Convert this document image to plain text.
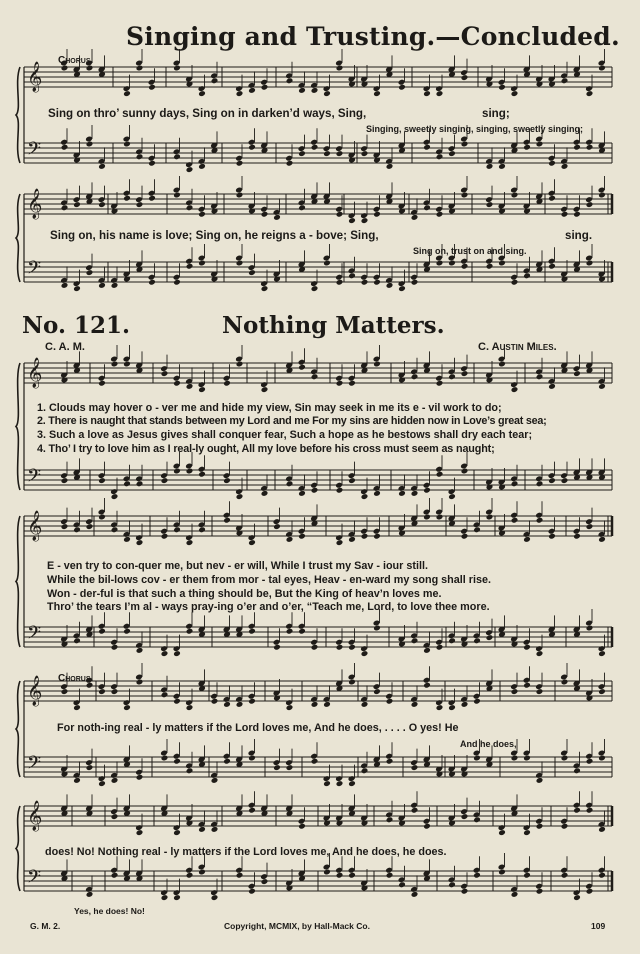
𝄞
𝄢
𝄞
𝄢
𝄞
𝄢
𝄞
𝄢
𝄞
𝄢
𝄞
𝄢
Singing and Trusting.—Concluded.
Chorus.
Sing on thro’ sunny days, Sing on in darken’d ways, Sing,	sing;
Singing, sweetly singing, singing, sweetly singing;
Sing on, his name is love; Sing on, he reigns a - bove; Sing,	sing.
Sing on, trust on and sing.
No. 121.	Nothing Matters.
C. A. M.	C. Austin Miles.
1. Clouds may hover o - ver me and hide my view, Sin may seek in me its e - vil work to do;
2. There is naught that stands between my Lord and me For my sins are hidden now in Love’s great sea;
3. Such a love as Jesus gives shall conquer fear, Such a hope as he bestows shall dry each tear;
4. Tho’ I try to love him as I real-ly ought, All my love before his cross must seem as naught;
E - ven try to con-quer me, but nev - er will, While I trust my Sav - iour still.
While the bil-lows cov - er them from mor - tal eyes, Heav - en-ward my song shall rise.
Won - der-ful is that such a thing should be, But the King of heav’n loves me.
Thro’ the tears I’m al - ways pray-ing o’er and o’er, “Teach me, Lord, to love thee more.
Chorus.
For noth-ing real - ly matters if the Lord loves me, And he does, . . . . O yes! He
And he does,
does! No! Nothing real - ly matters if the Lord loves me, And he does, he does.
Yes, he does! No!
G. M. 2.	Copyright, MCMIX, by Hall-Mack Co.	109
